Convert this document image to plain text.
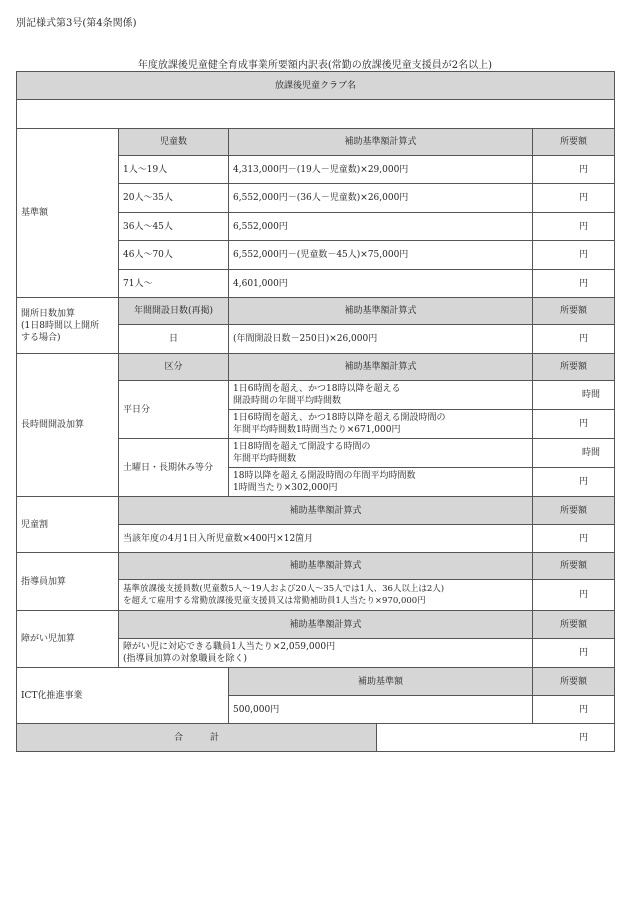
別記様式第3号(第4条関係)
年度放課後児童健全育成事業所要額内訳表(常勤の放課後児童支援員が2名以上)
放課後児童クラブ名				

基準額	児童数	補助基準額計算式		所要額
	1人～19人	4,313,000円－(19人－児童数)×29,000円		円
	20人～35人	6,552,000円－(36人－児童数)×26,000円		円
	36人～45人	6,552,000円		円
	46人～70人	6,552,000円－(児童数－45人)×75,000円		円
	71人～	4,601,000円		円
開所日数加算
(1日8時間以上開所
する場合)	年間開設日数(再掲)	補助基準額計算式		所要額
	日	(年間開設日数－250日)×26,000円		円
長時間開設加算	区分	補助基準額計算式		所要額
	平日分	1日6時間を超え、かつ18時以降を超える
開設時間の年間平均時間数		時間
		1日6時間を超え、かつ18時以降を超える開設時間の
年間平均時間数1時間当たり×671,000円		円
	土曜日・長期休み等分	1日8時間を超えて開設する時間の
年間平均時間数		時間
		18時以降を超える開設時間の年間平均時間数
1時間当たり×302,000円		円
児童割	補助基準額計算式			所要額
	当該年度の4月1日入所児童数×400円×12箇月			円
指導員加算	補助基準額計算式			所要額
	基準放課後支援員数(児童数5人～19人および20人～35人では1人、36人以上は2人)
を超えて雇用する常勤放課後児童支援員又は常勤補助員1人当たり×970,000円			円
障がい児加算	補助基準額計算式			所要額
	障がい児に対応できる職員1人当たり×2,059,000円
(指導員加算の対象職員を除く)			円
ICT化推進事業		補助基準額		所要額
		500,000円		円
合　　　計			円	
